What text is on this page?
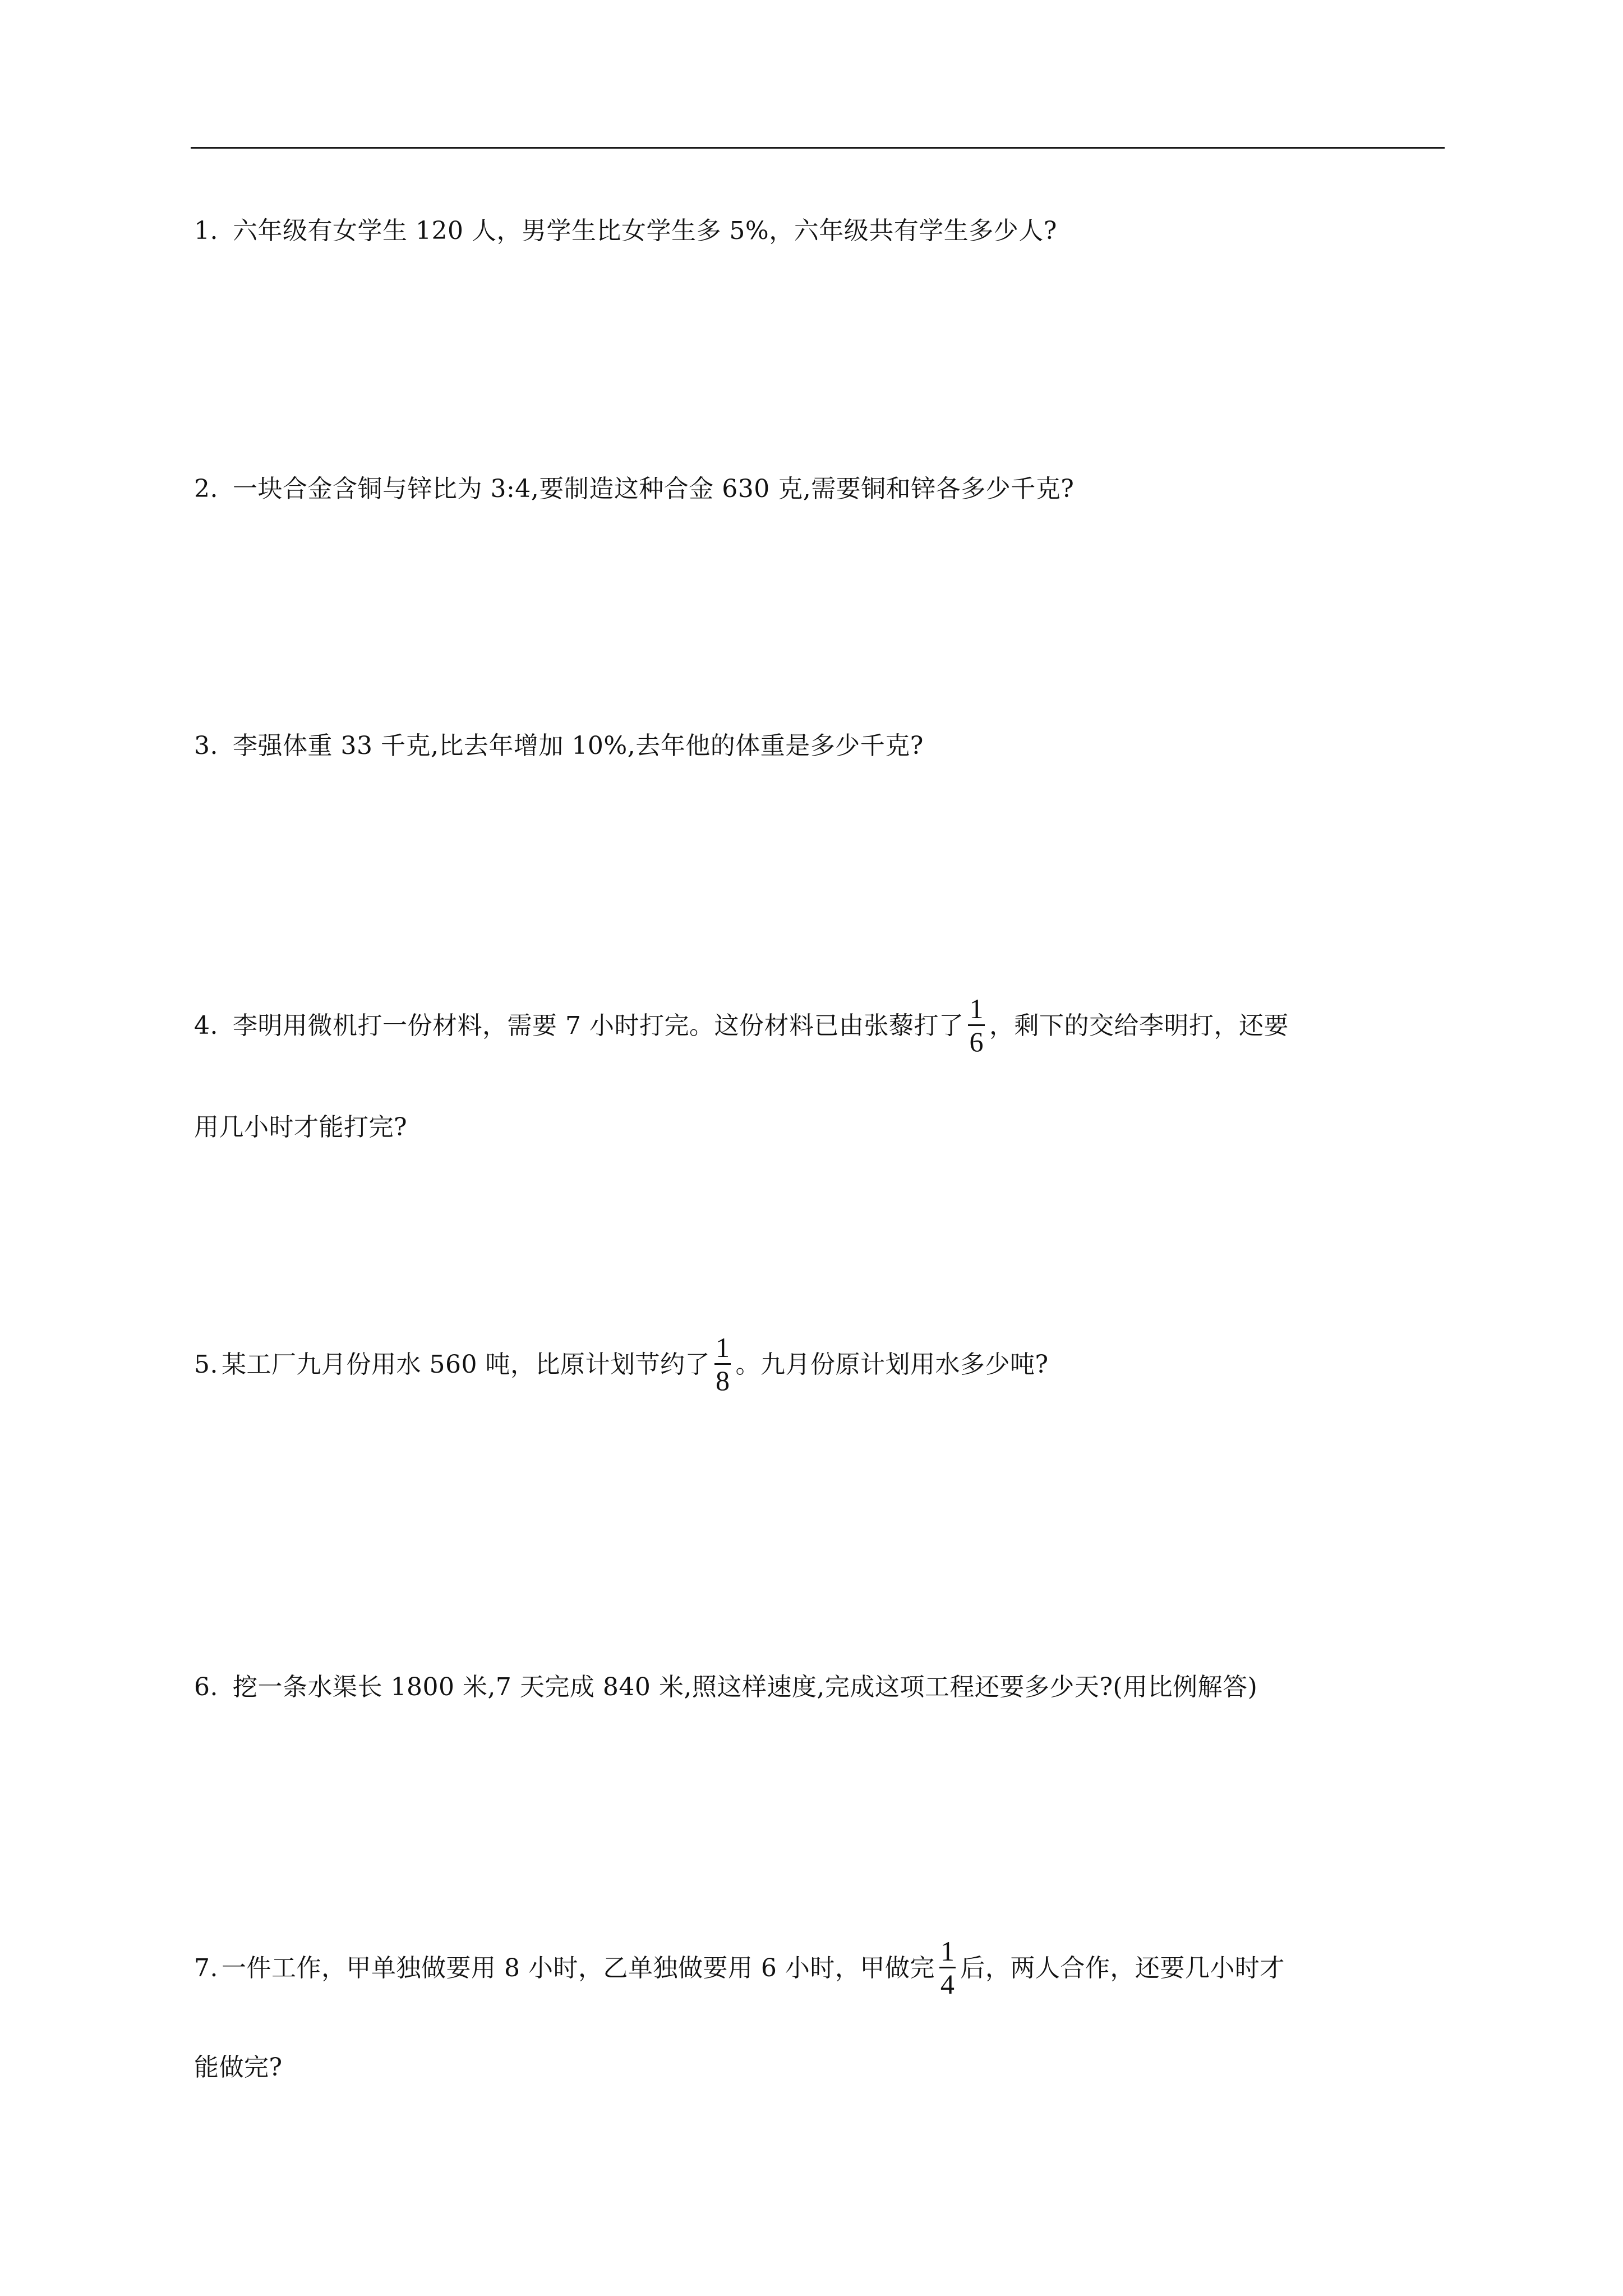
1. 六年级有女学生 120 人，男学生比女学生多 5%，六年级共有学生多少人?
2. 一块合金含铜与锌比为 3:4,要制造这种合金 630 克,需要铜和锌各多少千克?
3. 李强体重 33 千克,比去年增加 10%,去年他的体重是多少千克?
4. 李明用微机打一份材料，需要 7 小时打完。这份材料已由张藜打了 $\frac{1}{6}$ ，剩下的交给李明打，还要
用几小时才能打完?
5. 某工厂九月份用水 560 吨，比原计划节约了 $\frac{1}{8}$ 。九月份原计划用水多少吨?
6. 挖一条水渠长 1800 米,7 天完成 840 米,照这样速度,完成这项工程还要多少天?(用比例解答)
7. 一件工作，甲单独做要用 8 小时，乙单独做要用 6 小时，甲做完 $\frac{1}{4}$ 后，两人合作，还要几小时才
能做完?
